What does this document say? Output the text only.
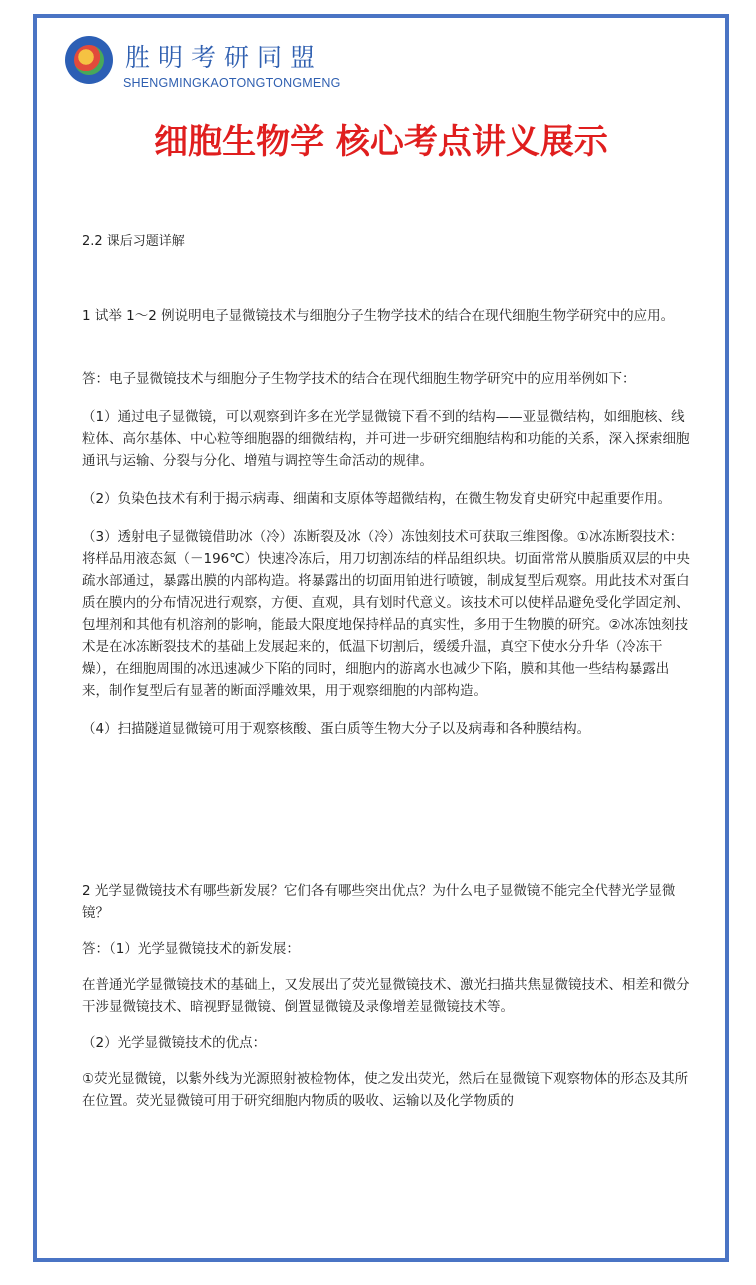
胜明考研同盟
SHENGMINGKAOTONGTONGMENG
细胞生物学 核心考点讲义展示
2.2 课后习题详解

1 试举 1～2 例说明电子显微镜技术与细胞分子生物学技术的结合在现代细胞生物学研究中的应用。

答：电子显微镜技术与细胞分子生物学技术的结合在现代细胞生物学研究中的应用举例如下：

（1）通过电子显微镜，可以观察到许多在光学显微镜下看不到的结构——亚显微结构，如细胞核、线粒体、高尔基体、中心粒等细胞器的细微结构，并可进一步研究细胞结构和功能的关系，深入探索细胞通讯与运输、分裂与分化、增殖与调控等生命活动的规律。

（2）负染色技术有利于揭示病毒、细菌和支原体等超微结构，在微生物发育史研究中起重要作用。

（3）透射电子显微镜借助冰（冷）冻断裂及冰（冷）冻蚀刻技术可获取三维图像。①冰冻断裂技术：将样品用液态氮（－196℃）快速冷冻后，用刀切割冻结的样品组织块。切面常常从膜脂质双层的中央疏水部通过，暴露出膜的内部构造。将暴露出的切面用铂进行喷镀，制成复型后观察。用此技术对蛋白质在膜内的分布情况进行观察，方便、直观，具有划时代意义。该技术可以使样品避免受化学固定剂、包埋剂和其他有机溶剂的影响，能最大限度地保持样品的真实性，多用于生物膜的研究。②冰冻蚀刻技术是在冰冻断裂技术的基础上发展起来的，低温下切割后，缓缓升温，真空下使水分升华（冷冻干燥），在细胞周围的冰迅速减少下陷的同时，细胞内的游离水也减少下陷，膜和其他一些结构暴露出来，制作复型后有显著的断面浮雕效果，用于观察细胞的内部构造。

（4）扫描隧道显微镜可用于观察核酸、蛋白质等生物大分子以及病毒和各种膜结构。

2 光学显微镜技术有哪些新发展？它们各有哪些突出优点？为什么电子显微镜不能完全代替光学显微镜？

答：（1）光学显微镜技术的新发展：

在普通光学显微镜技术的基础上，又发展出了荧光显微镜技术、激光扫描共焦显微镜技术、相差和微分干涉显微镜技术、暗视野显微镜、倒置显微镜及录像增差显微镜技术等。

（2）光学显微镜技术的优点：

①荧光显微镜，以紫外线为光源照射被检物体，使之发出荧光，然后在显微镜下观察物体的形态及其所在位置。荧光显微镜可用于研究细胞内物质的吸收、运输以及化学物质的
